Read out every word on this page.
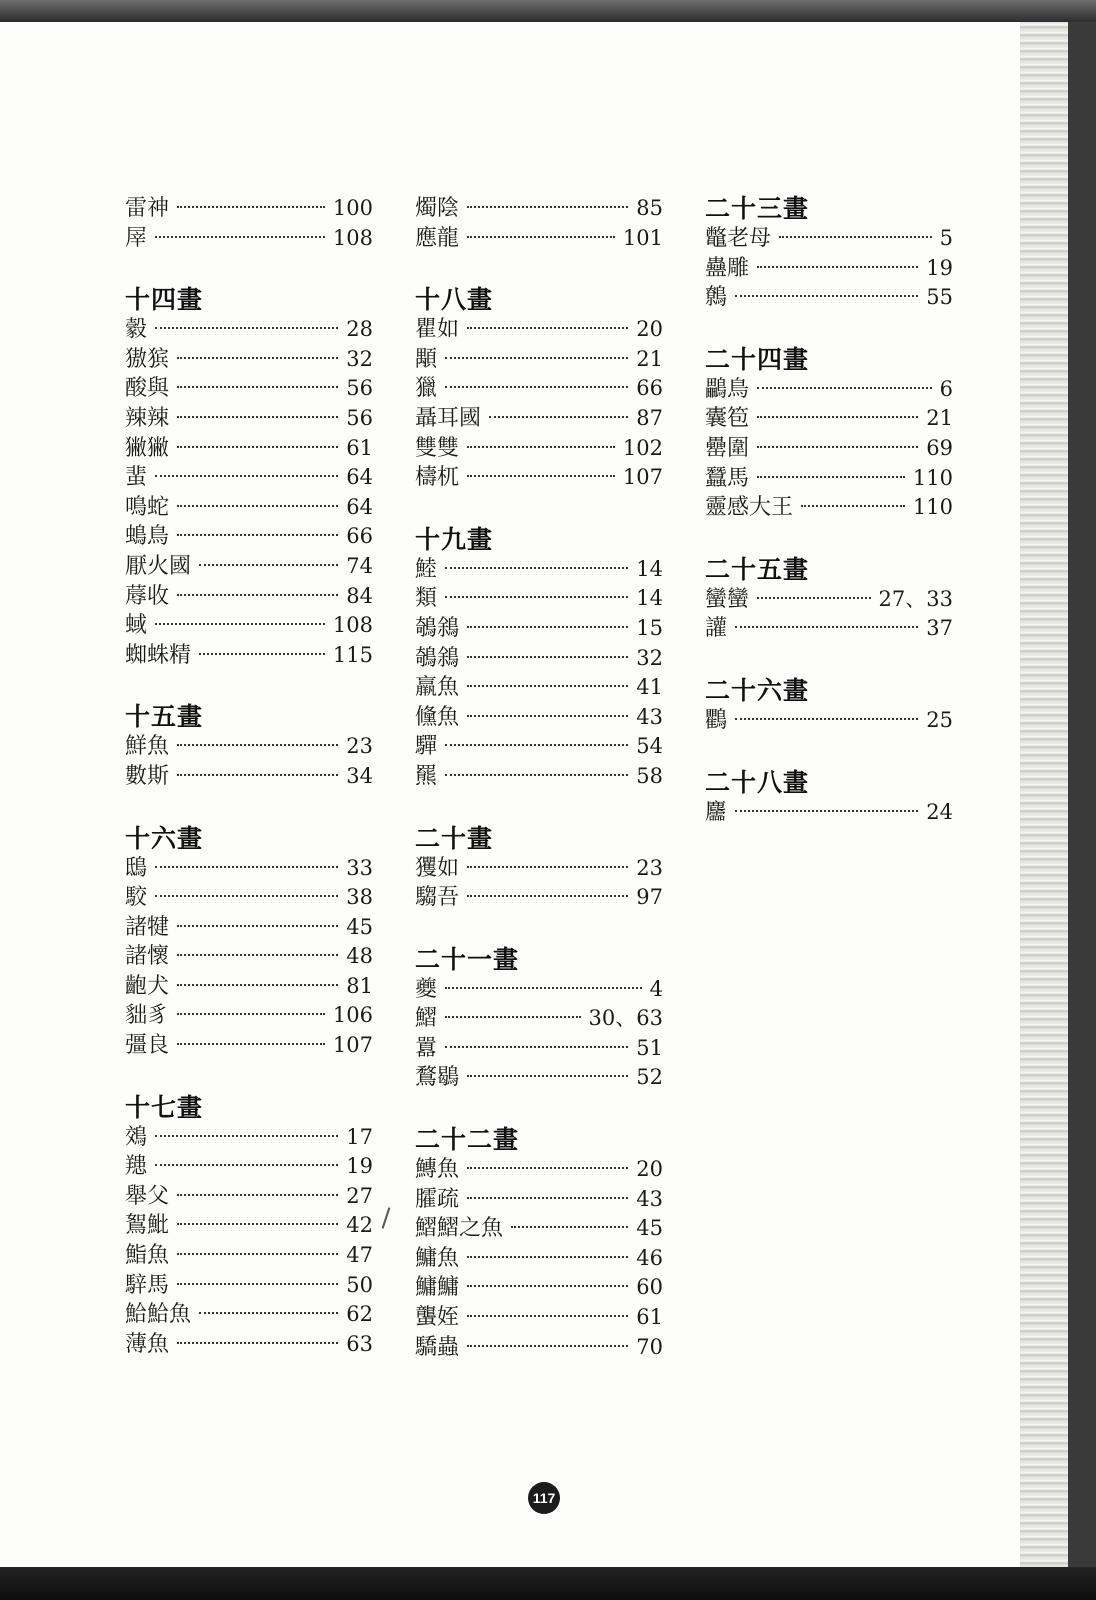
雷神	100
屖	108
十四畫
豰	28
獓㺍	32
酸與	56
辣辣	56
獙獙	61
蜚	64
鳴蛇	64
䳋鳥	66
厭火國	74
蓐收	84
蜮	108
蜘蛛精	115
十五畫
鮮魚	23
數斯	34
十六畫
鴟	33
駮	38
諸犍	45
諸懷	48
齙犬	81
貀豸	106
彊良	107
十七畫
鵁	17
䍺	19
舉父	27
鴽魮	42
鮨魚	47
騂馬	50
鮯鮯魚	62
薄魚	63
燭陰	85
應龍	101
十八畫
瞿如	20
顒	21
獵	66
聶耳國	87
雙雙	102
檮杌	107
十九畫
鯥	14
類	14
鵸䳜	15
鵸䳜	32
羸魚	41
儵魚	43
驒	54
羆	58
二十畫
玃如	23
騶吾	97
二十一畫
夔	4
鰼	30、63
囂	51
鶩鶡	52
二十二畫
鱄魚	20
臛疏	43
鰼鰼之魚	45
鱅魚	46
鱅鱅	60
蠪姪	61
驕蟲	70
二十三畫
鼈老母	5
蠱雕	19
鷯	55
二十四畫
鸓鳥	6
囊笣	21
罍圍	69
蠶馬	110
靈感大王	110
二十五畫
蠻蠻	27、33
讙	37
二十六畫
鸜	25
二十八畫
麢	24
117
